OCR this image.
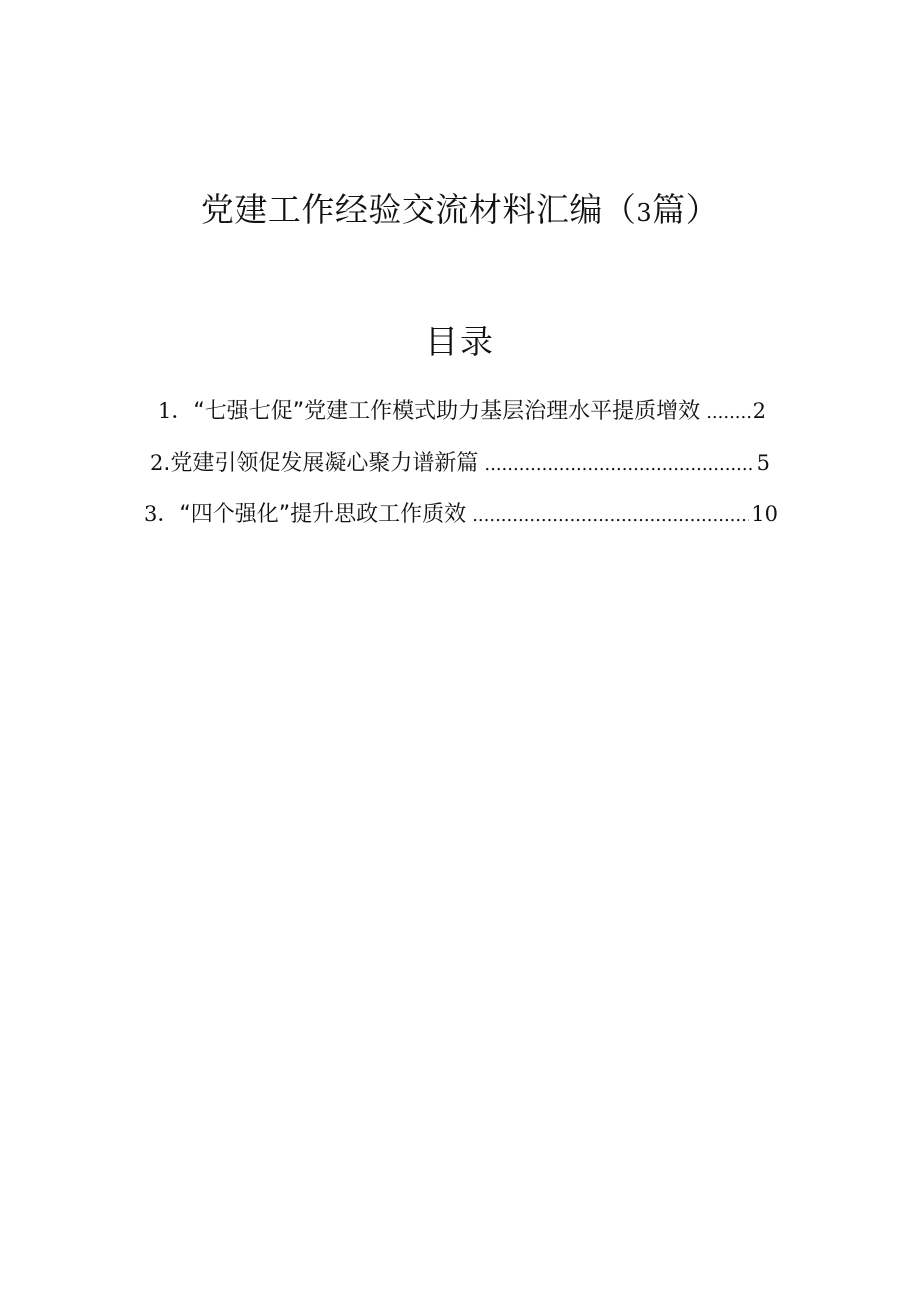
党建工作经验交流材料汇编（3篇）
目录
1 ． “七强七促”党建工作模式助力基层治理水平提质增效 ..... 2
2 . 党建引领促发展凝心聚力谱新篇 .....	5
3 ． “四个强化”提升思政工作质效 .....	10
